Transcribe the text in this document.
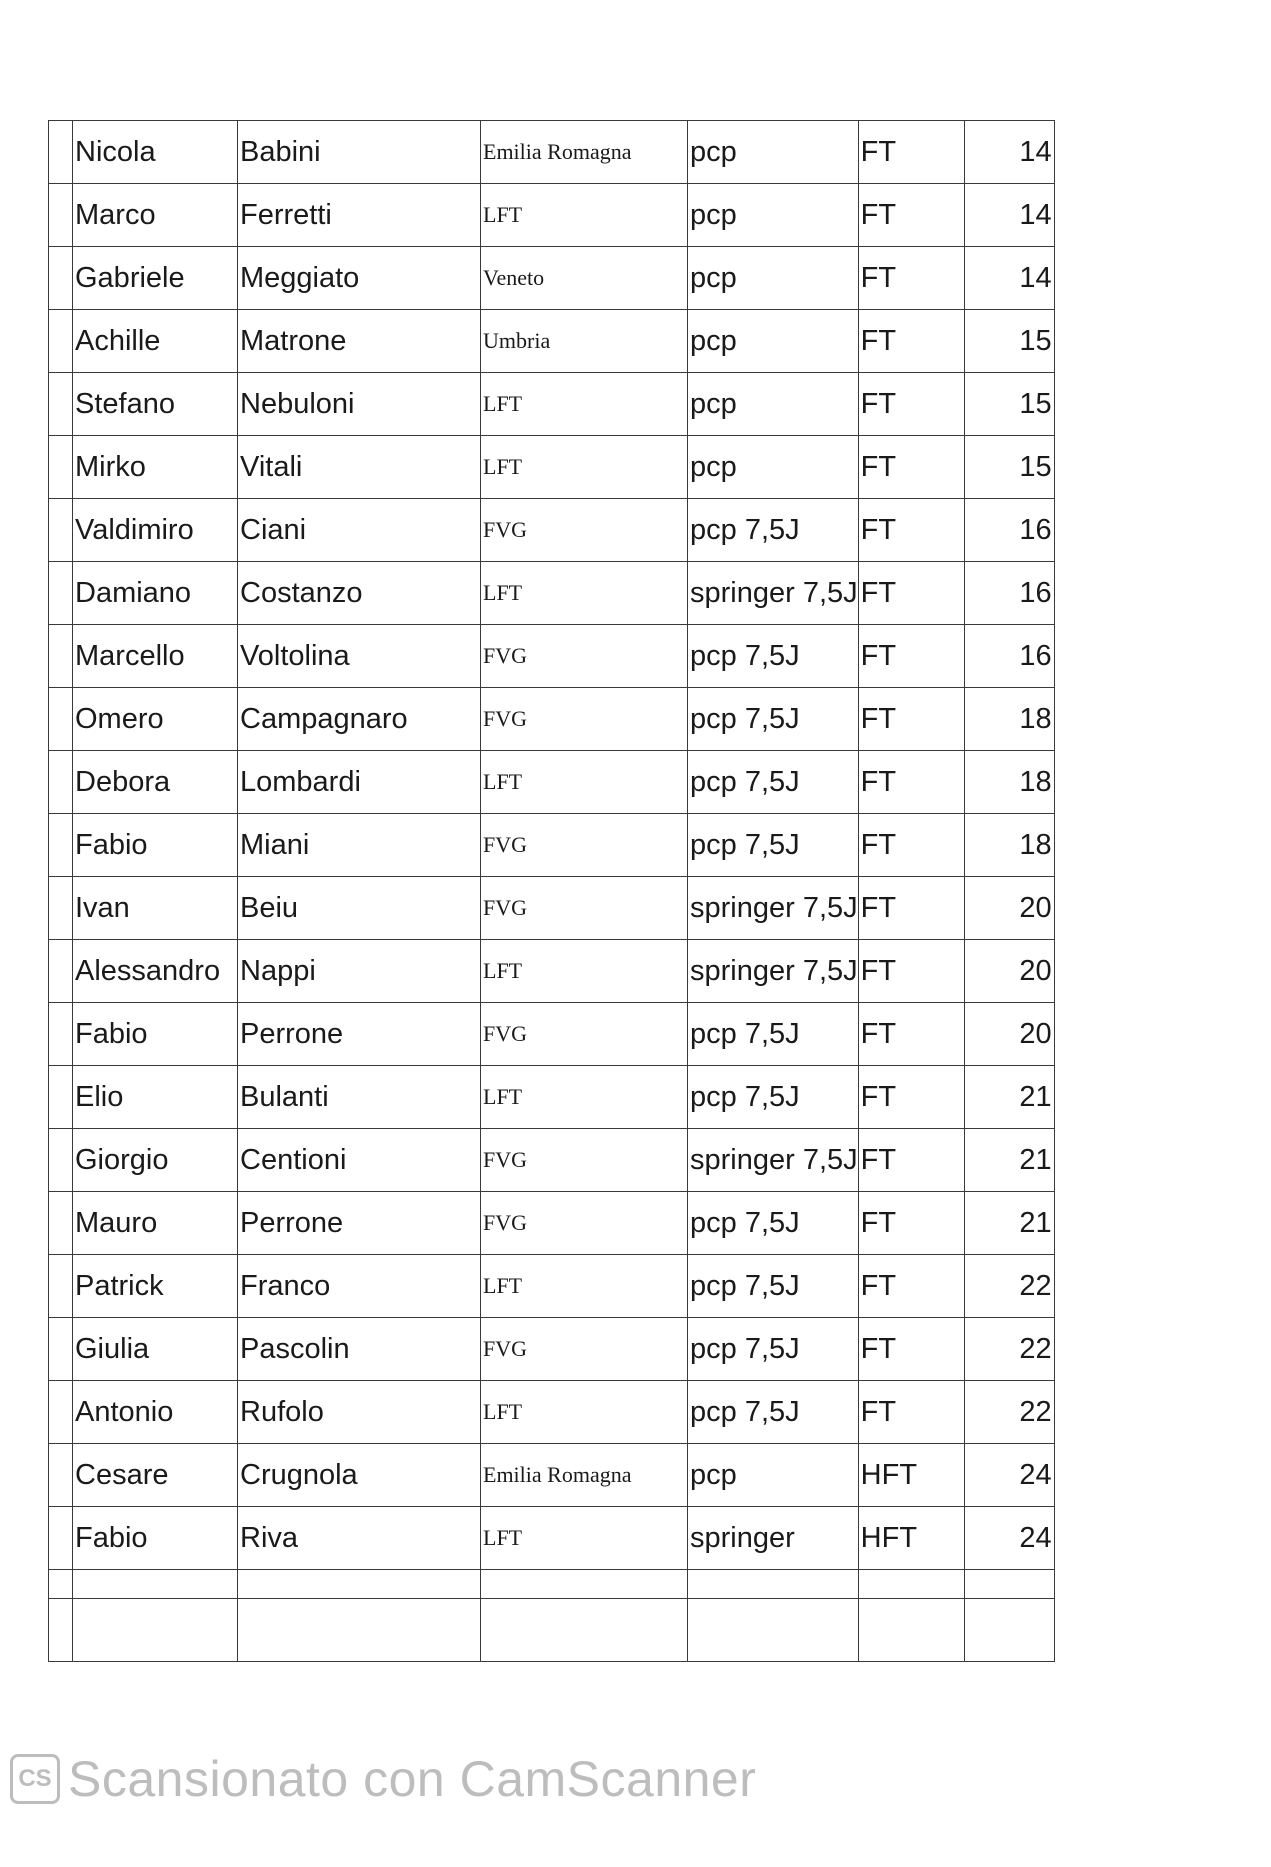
	Nicola	Babini	Emilia Romagna	pcp	FT	14
	Marco	Ferretti	LFT	pcp	FT	14
	Gabriele	Meggiato	Veneto	pcp	FT	14
	Achille	Matrone	Umbria	pcp	FT	15
	Stefano	Nebuloni	LFT	pcp	FT	15
	Mirko	Vitali	LFT	pcp	FT	15
	Valdimiro	Ciani	FVG	pcp 7,5J	FT	16
	Damiano	Costanzo	LFT	springer 7,5J	FT	16
	Marcello	Voltolina	FVG	pcp 7,5J	FT	16
	Omero	Campagnaro	FVG	pcp 7,5J	FT	18
	Debora	Lombardi	LFT	pcp 7,5J	FT	18
	Fabio	Miani	FVG	pcp 7,5J	FT	18
	Ivan	Beiu	FVG	springer 7,5J	FT	20
	Alessandro	Nappi	LFT	springer 7,5J	FT	20
	Fabio	Perrone	FVG	pcp 7,5J	FT	20
	Elio	Bulanti	LFT	pcp 7,5J	FT	21
	Giorgio	Centioni	FVG	springer 7,5J	FT	21
	Mauro	Perrone	FVG	pcp 7,5J	FT	21
	Patrick	Franco	LFT	pcp 7,5J	FT	22
	Giulia	Pascolin	FVG	pcp 7,5J	FT	22
	Antonio	Rufolo	LFT	pcp 7,5J	FT	22
	Cesare	Crugnola	Emilia Romagna	pcp	HFT	24
	Fabio	Riva	LFT	springer	HFT	24

CS Scansionato con CamScanner
